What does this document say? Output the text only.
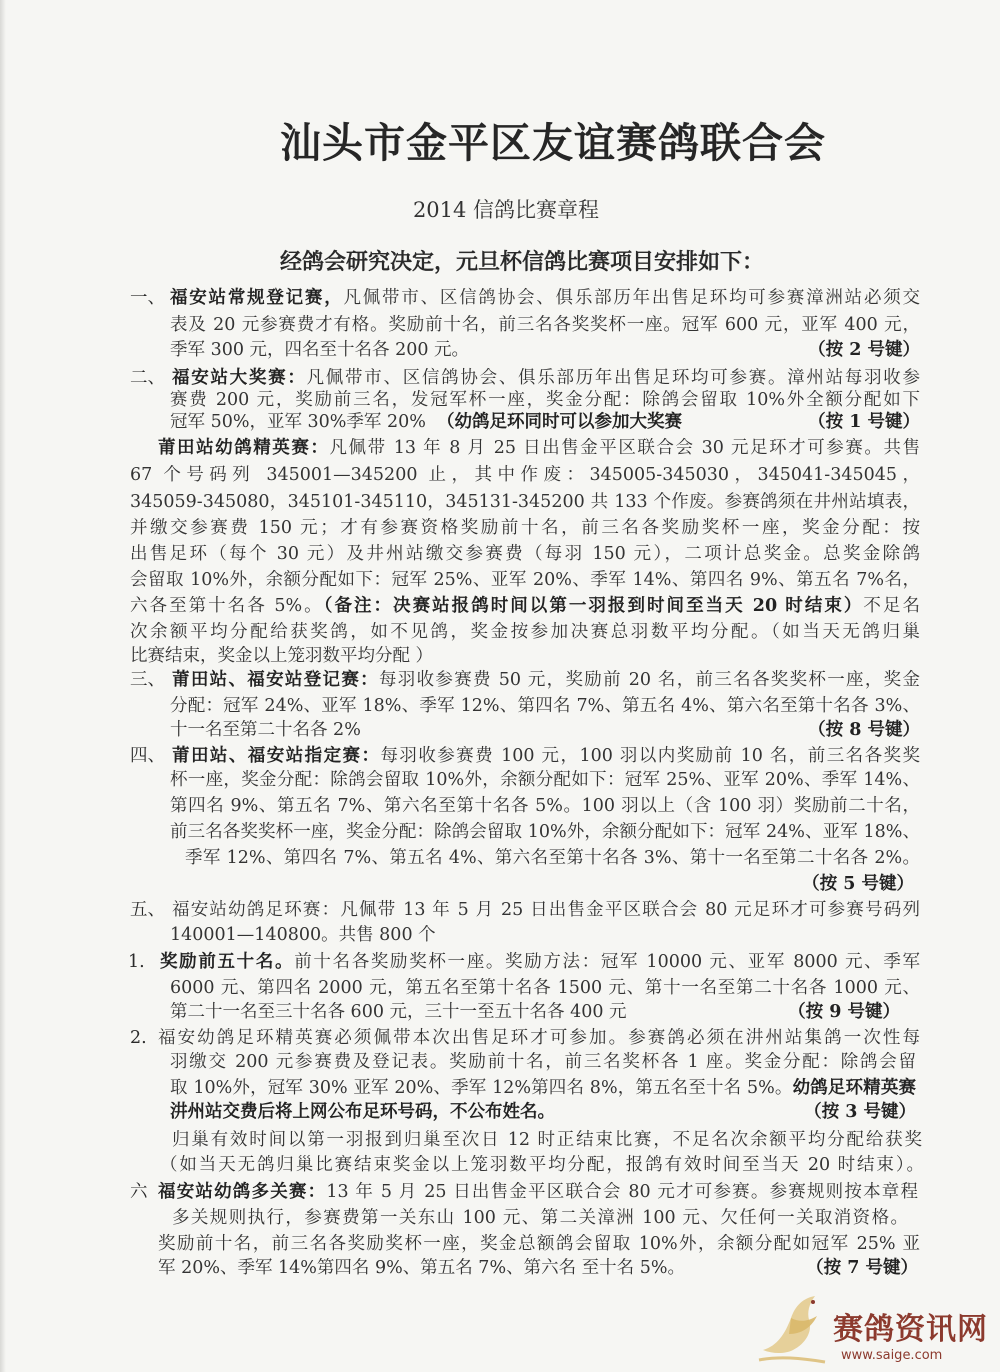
汕头市金平区友谊赛鸽联合会
2014 信鸽比赛章程
经鸽会研究决定，元旦杯信鸽比赛项目安排如下：
一、 福安站常规登记赛，凡佩带市、区信鸽协会、俱乐部历年出售足环均可参赛漳洲站必须交
表及 20 元参赛费才有格。奖励前十名，前三名各奖奖杯一座。冠军 600 元，亚军 400 元，
季军 300 元，四名至十名各 200 元。	（按 2 号键）
二、 福安站大奖赛：凡佩带市、区信鸽协会、俱乐部历年出售足环均可参赛。漳州站每羽收参
赛费 200 元，奖励前三名，发冠军杯一座，奖金分配：除鸽会留取 10%外全额分配如下
冠军 50%，亚军 30%季军 20% （幼鸽足环同时可以参加大奖赛	（按 1 号键）
莆田站幼鸽精英赛：凡佩带 13 年 8 月 25 日出售金平区联合会 30 元足环才可参赛。共售
67 个号码列 345001—345200 止，其中作废：345005-345030，345041-345045，
345059-345080，345101-345110，345131-345200 共 133 个作废。参赛鸽须在井州站填表，
并缴交参赛费 150 元；才有参赛资格奖励前十名，前三名各奖励奖杯一座，奖金分配：按
出售足环（每个 30 元）及井州站缴交参赛费（每羽 150 元），二项计总奖金。总奖金除鸽
会留取 10%外，余额分配如下：冠军 25%、亚军 20%、季军 14%、第四名 9%、第五名 7%名，
六各至第十名各 5%。（备注：决赛站报鸽时间以第一羽报到时间至当天 20 时结束）不足名
次余额平均分配给获奖鸽，如不见鸽，奖金按参加决赛总羽数平均分配。（如当天无鸽归巢
比赛结束，奖金以上笼羽数平均分配 ）
三、 莆田站、福安站登记赛：每羽收参赛费 50 元，奖励前 20 名，前三名各奖奖杯一座，奖金
分配：冠军 24%、亚军 18%、季军 12%、第四名 7%、第五名 4%、第六名至第十名各 3%、
十一名至第二十名各 2%	（按 8 号键）
四、 莆田站、福安站指定赛：每羽收参赛费 100 元，100 羽以内奖励前 10 名，前三名各奖奖
杯一座，奖金分配：除鸽会留取 10%外，余额分配如下：冠军 25%、亚军 20%、季军 14%、
第四名 9%、第五名 7%、第六名至第十名各 5%。100 羽以上（含 100 羽）奖励前二十名，
前三名各奖奖杯一座，奖金分配：除鸽会留取 10%外，余额分配如下：冠军 24%、亚军 18%、
季军 12%、第四名 7%、第五名 4%、第六名至第十名各 3%、第十一名至第二十名各 2%。
（按 5 号键）
五、 福安站幼鸽足环赛：凡佩带 13 年 5 月 25 日出售金平区联合会 80 元足环才可参赛号码列
140001—140800。共售 800 个
1. 奖励前五十名。前十名各奖励奖杯一座。奖励方法：冠军 10000 元、亚军 8000 元、季军
6000 元、第四名 2000 元，第五名至第十名各 1500 元、第十一名至第二十名各 1000 元、
第二十一名至三十名各 600 元，三十一至五十名各 400 元	（按 9 号键）
2. 福安幼鸽足环精英赛必须佩带本次出售足环才可参加。参赛鸽必须在汫州站集鸽一次性每
羽缴交 200 元参赛费及登记表。奖励前十名，前三名奖杯各 1 座。奖金分配：除鸽会留
取 10%外，冠军 30% 亚军 20%、季军 12%第四名 8%，第五名至十名 5%。幼鸽足环精英赛
汫州站交费后将上网公布足环号码，不公布姓名。	（按 3 号键）
归巢有效时间以第一羽报到归巢至次日 12 时正结束比赛，不足名次余额平均分配给获奖
（如当天无鸽归巢比赛结束奖金以上笼羽数平均分配，报鸽有效时间至当天 20 时结束）。
六 福安站幼鸽多关赛：13 年 5 月 25 日出售金平区联合会 80 元才可参赛。参赛规则按本章程
多关规则执行，参赛费第一关东山 100 元、第二关漳洲 100 元、欠任何一关取消资格。
奖励前十名，前三名各奖励奖杯一座，奖金总额鸽会留取 10%外，余额分配如冠军 25% 亚
军 20%、季军 14%第四名 9%、第五名 7%、第六名 至十名 5%。	（按 7 号键）
赛鸽资讯网
www.saige.com
